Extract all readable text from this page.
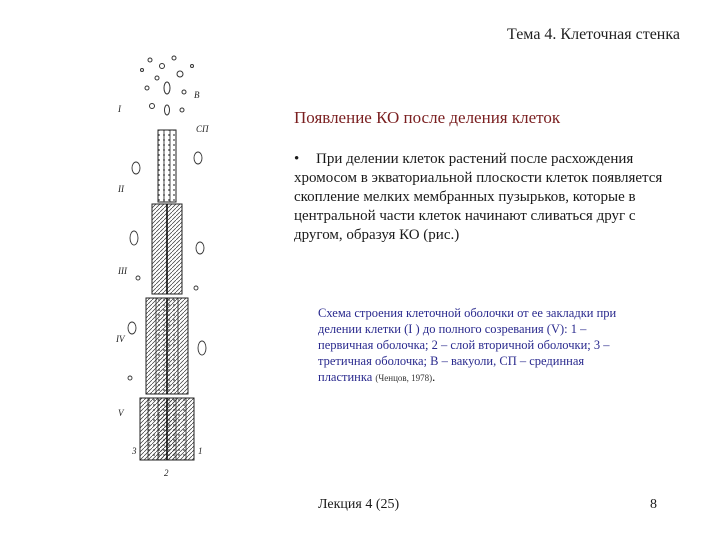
Тема 4. Клеточная стенка
I
II
III
IV
V
В
СП
3
2
1
Появление КО после деления клеток
• При делении клеток растений после расхождения хромосом в экваториальной плоскости клеток появляется скопление мелких мембранных пузырьков, которые в центральной части клеток начинают сливаться друг с другом, образуя КО (рис.)
Схема строения клеточной оболочки от ее закладки при делении клетки (I ) до полного созревания (V): 1 – первичная оболочка; 2 – слой вторичной оболочки; 3 – третичная оболочка; В – вакуоли, СП – срединная пластинка (Ченцов, 1978).
Лекция 4 (25)	8
